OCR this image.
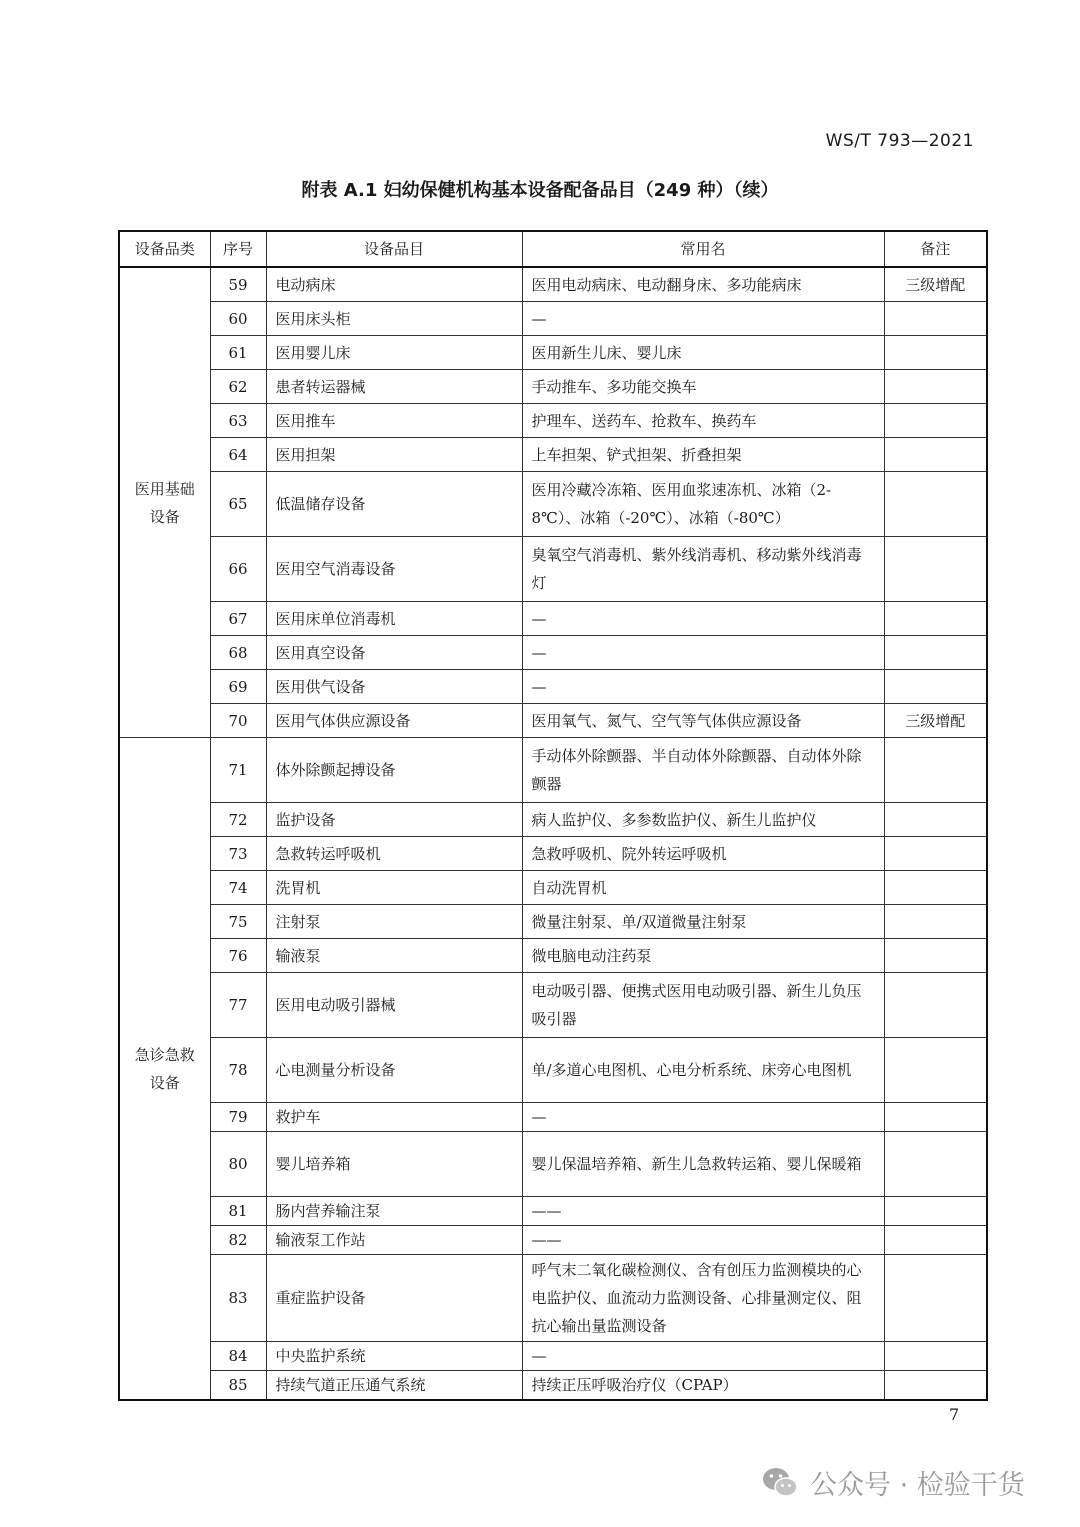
WS/T 793—2021
附表 A.1 妇幼保健机构基本设备配备品目（249 种）（续）
设备品类	序号	设备品目	常用名	备注
医用基础设备	59	电动病床	医用电动病床、电动翻身床、多功能病床	三级增配
	60	医用床头柜	—	
	61	医用婴儿床	医用新生儿床、婴儿床	
	62	患者转运器械	手动推车、多功能交换车	
	63	医用推车	护理车、送药车、抢救车、换药车	
	64	医用担架	上车担架、铲式担架、折叠担架	
	65	低温储存设备	医用冷藏冷冻箱、医用血浆速冻机、冰箱（2-8℃）、冰箱（-20℃）、冰箱（-80℃）	
	66	医用空气消毒设备	臭氧空气消毒机、紫外线消毒机、移动紫外线消毒灯	
	67	医用床单位消毒机	—	
	68	医用真空设备	—	
	69	医用供气设备	—	
	70	医用气体供应源设备	医用氧气、氮气、空气等气体供应源设备	三级增配
急诊急救设备	71	体外除颤起搏设备	手动体外除颤器、半自动体外除颤器、自动体外除颤器	
	72	监护设备	病人监护仪、多参数监护仪、新生儿监护仪	
	73	急救转运呼吸机	急救呼吸机、院外转运呼吸机	
	74	洗胃机	自动洗胃机	
	75	注射泵	微量注射泵、单/双道微量注射泵	
	76	输液泵	微电脑电动注药泵	
	77	医用电动吸引器械	电动吸引器、便携式医用电动吸引器、新生儿负压吸引器	
	78	心电测量分析设备	单/多道心电图机、心电分析系统、床旁心电图机	
	79	救护车	—	
	80	婴儿培养箱	婴儿保温培养箱、新生儿急救转运箱、婴儿保暖箱	
	81	肠内营养输注泵	——	
	82	输液泵工作站	——	
	83	重症监护设备	呼气末二氧化碳检测仪、含有创压力监测模块的心电监护仪、血流动力监测设备、心排量测定仪、阻抗心输出量监测设备	
	84	中央监护系统	—	
	85	持续气道正压通气系统	持续正压呼吸治疗仪（CPAP）	
7
公众号 · 检验干货
